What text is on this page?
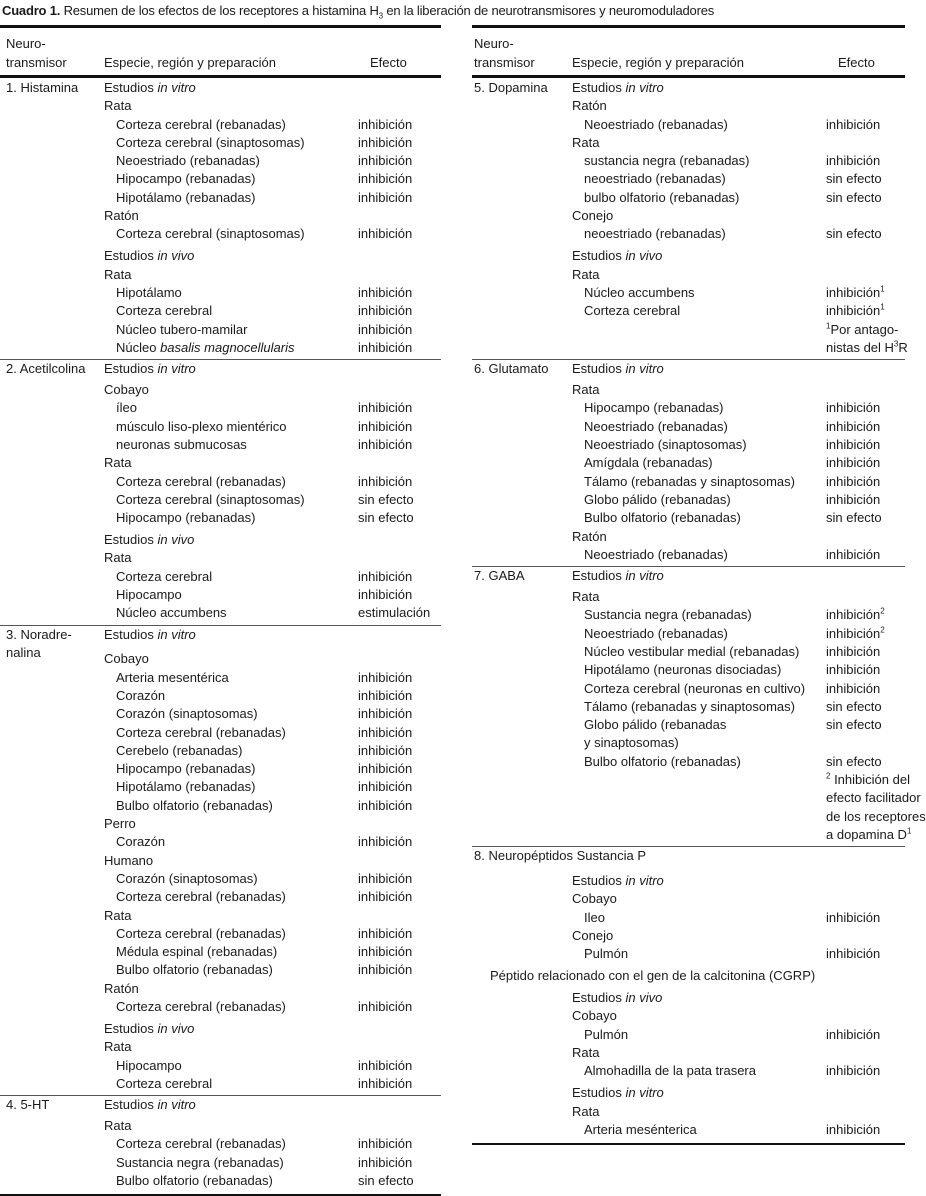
Cuadro 1. Resumen de los efectos de los receptores a histamina $H_3$ en la liberación de neurotransmisores y neuromoduladores
Neuro-
transmisor	Especie, región y preparación	Efecto
1. Histamina Estudios in vitro
Rata
Corteza cerebral (rebanadas)	inhibición
Corteza cerebral (sinaptosomas)	inhibición
Neoestriado (rebanadas)	inhibición
Hipocampo (rebanadas)	inhibición
Hipotálamo (rebanadas)	inhibición
Ratón
Corteza cerebral (sinaptosomas)	inhibición
Estudios in vivo
Rata
Hipotálamo	inhibición
Corteza cerebral	inhibición
Núcleo tubero-mamilar	inhibición
Núcleo basalis magnocellularis	inhibición
2. Acetilcolina Estudios in vitro
Cobayo
íleo	inhibición
músculo liso-plexo mientérico	inhibición
neuronas submucosas	inhibición
Rata
Corteza cerebral (rebanadas)	inhibición
Corteza cerebral (sinaptosomas)	sin efecto
Hipocampo (rebanadas)	sin efecto
Estudios in vivo
Rata
Corteza cerebral	inhibición
Hipocampo	inhibición
Núcleo accumbens	estimulación
3. Noradre-
nalina
Estudios in vitro
Cobayo
Arteria mesentérica	inhibición
Corazón	inhibición
Corazón (sinaptosomas)	inhibición
Corteza cerebral (rebanadas)	inhibición
Cerebelo (rebanadas)	inhibición
Hipocampo (rebanadas)	inhibición
Hipotálamo (rebanadas)	inhibición
Bulbo olfatorio (rebanadas)	inhibición
Perro
Corazón	inhibición
Humano
Corazón (sinaptosomas)	inhibición
Corteza cerebral (rebanadas)	inhibición
Rata
Corteza cerebral (rebanadas)	inhibición
Médula espinal (rebanadas)	inhibición
Bulbo olfatorio (rebanadas)	inhibición
Ratón
Corteza cerebral (rebanadas)	inhibición
Estudios in vivo
Rata
Hipocampo	inhibición
Corteza cerebral	inhibición
4. 5-HT	Estudios in vitro
Rata
Corteza cerebral (rebanadas)	inhibición
Sustancia negra (rebanadas)	inhibición
Bulbo olfatorio (rebanadas)	sin efecto
Neuro-
transmisor	Especie, región y preparación	Efecto
5. Dopamina Estudios in vitro
Ratón
Neoestriado (rebanadas)	inhibición
Rata
sustancia negra (rebanadas)	inhibición
neoestriado (rebanadas)	sin efecto
bulbo olfatorio (rebanadas)	sin efecto
Conejo
neoestriado (rebanadas)	sin efecto
Estudios in vivo
Rata
Núcleo accumbens	inhibición$^1$
Corteza cerebral	inhibición$^1$
$^1$Por antago-
nistas del $H^3R$
6. Glutamato Estudios in vitro
Rata
Hipocampo (rebanadas)	inhibición
Neoestriado (rebanadas)	inhibición
Neoestriado (sinaptosomas)	inhibición
Amígdala (rebanadas)	inhibición
Tálamo (rebanadas y sinaptosomas) inhibición
Globo pálido (rebanadas)	inhibición
Bulbo olfatorio (rebanadas)	sin efecto
Ratón
Neoestriado (rebanadas)	inhibición
7. GABA	Estudios in vitro
Rata
Sustancia negra (rebanadas)	inhibición$^2$
Neoestriado (rebanadas)	inhibición$^2$
Núcleo vestibular medial (rebanadas) inhibición
Hipotálamo (neuronas disociadas)	inhibición
Corteza cerebral (neuronas en cultivo) inhibición
Tálamo (rebanadas y sinaptosomas) sin efecto
Globo pálido (rebanadas	sin efecto
y sinaptosomas)
Bulbo olfatorio (rebanadas)	sin efecto
$^2$ Inhibición del
efecto facilitador
de los receptores
a dopamina $D^1$
8. Neuropéptidos Sustancia P
Estudios in vitro
Cobayo
Ileo	inhibición
Conejo
Pulmón	inhibición
Péptido relacionado con el gen de la calcitonina (CGRP)
Estudios in vivo
Cobayo
Pulmón	inhibición
Rata
Almohadilla de la pata trasera	inhibición
Estudios in vitro
Rata
Arteria mesénterica	inhibición
